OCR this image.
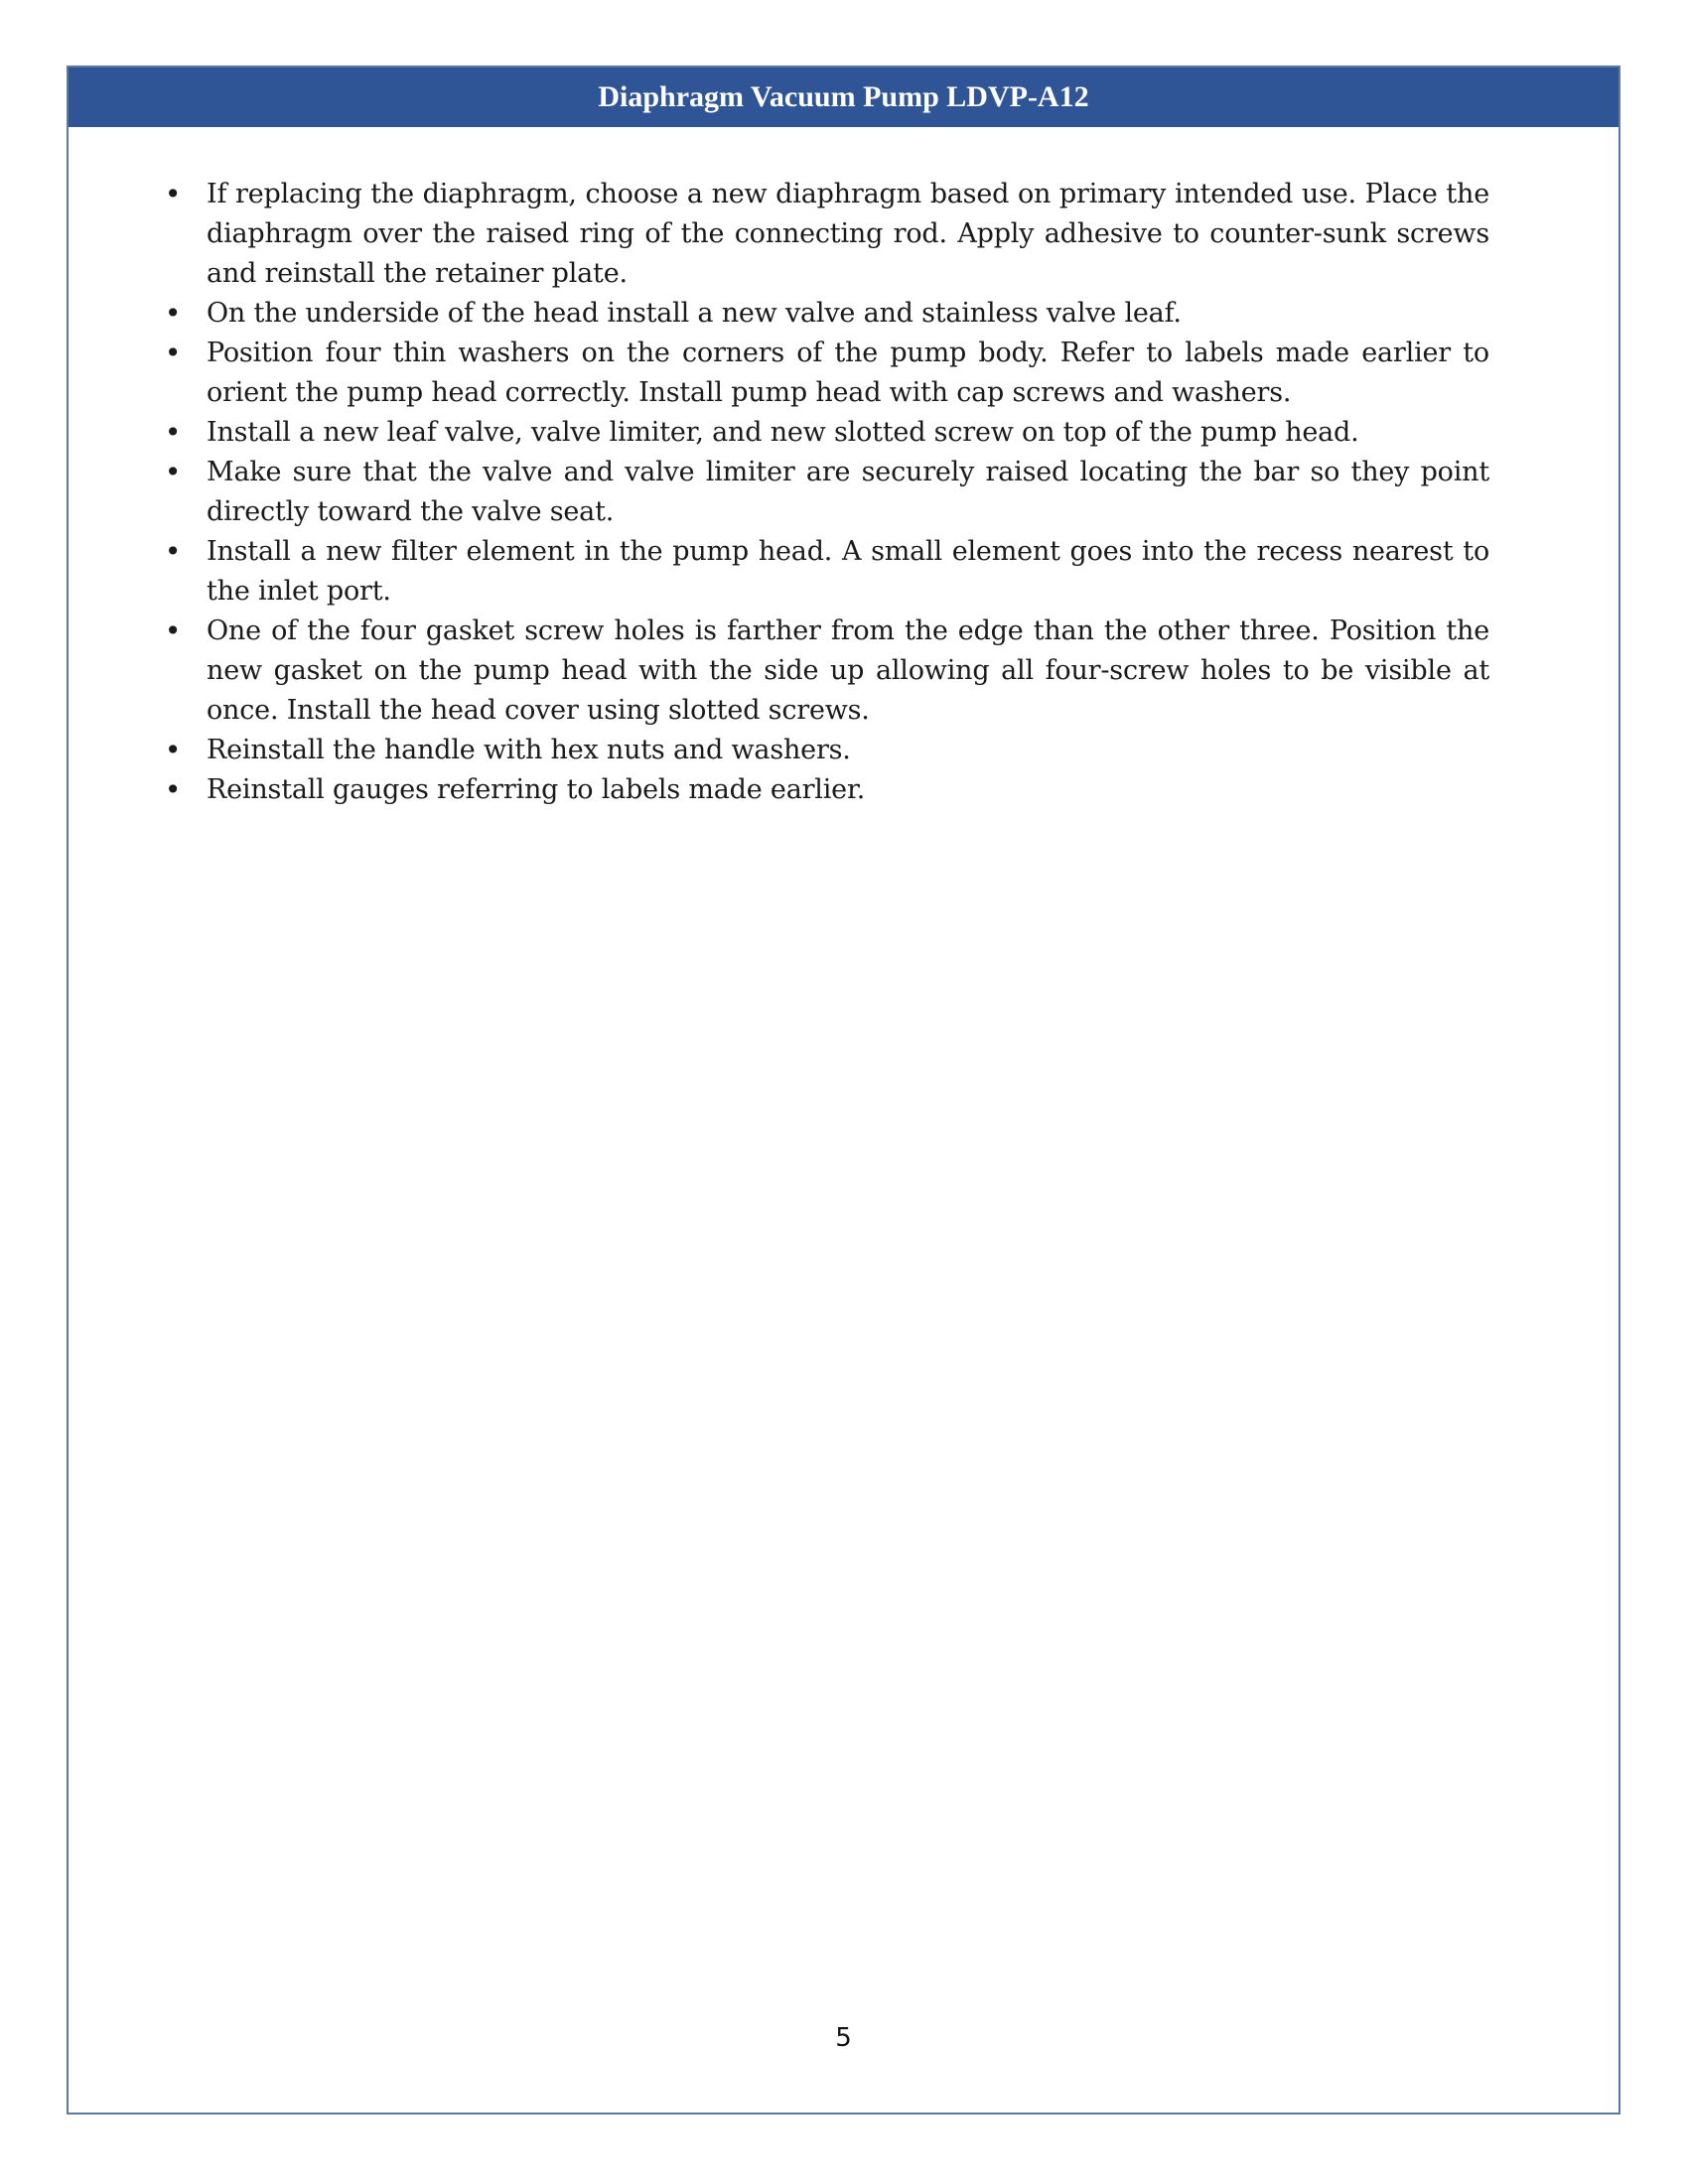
Diaphragm Vacuum Pump LDVP-A12
5
• If replacing the diaphragm, choose a new diaphragm based on primary intended use. Place the diaphragm over the raised ring of the connecting rod. Apply adhesive to counter-sunk screws and reinstall the retainer plate.
• On the underside of the head install a new valve and stainless valve leaf.
• Position four thin washers on the corners of the pump body. Refer to labels made earlier to orient the pump head correctly. Install pump head with cap screws and washers.
• Install a new leaf valve, valve limiter, and new slotted screw on top of the pump head.
• Make sure that the valve and valve limiter are securely raised locating the bar so they point directly toward the valve seat.
• Install a new filter element in the pump head. A small element goes into the recess nearest to the inlet port.
• One of the four gasket screw holes is farther from the edge than the other three. Position the new gasket on the pump head with the side up allowing all four-screw holes to be visible at once. Install the head cover using slotted screws.
• Reinstall the handle with hex nuts and washers.
• Reinstall gauges referring to labels made earlier.
